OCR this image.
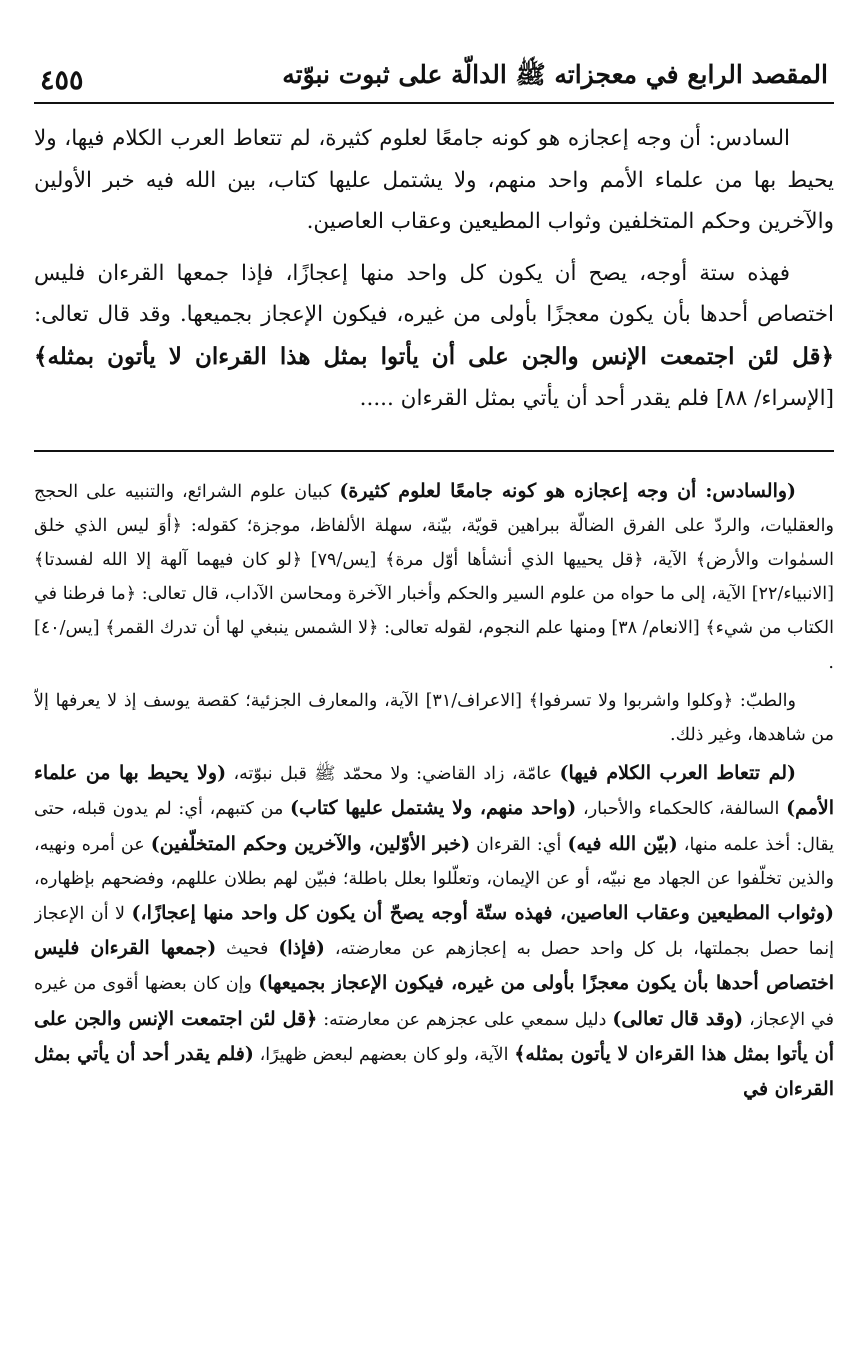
المقصد الرابع في معجزاته ﷺ الدالّة على ثبوت نبوّته
٤٥٥

السادس: أن وجه إعجازه هو كونه جامعًا لعلوم كثيرة، لم تتعاط العرب الكلام فيها، ولا يحيط بها من علماء الأمم واحد منهم، ولا يشتمل عليها كتاب، بين الله فيه خبر الأولين والآخرين وحكم المتخلفين وثواب المطيعين وعقاب العاصين.

فهذه ستة أوجه، يصح أن يكون كل واحد منها إعجازًا، فإذا جمعها القرءان فليس اختصاص أحدها بأن يكون معجزًا بأولى من غيره، فيكون الإعجاز بجميعها. وقد قال تعالى: ﴿قل لئن اجتمعت الإنس والجن على أن يأتوا بمثل هذا القرءان لا يأتون بمثله﴾ [الإسراء/ ٨٨] فلم يقدر أحد أن يأتي بمثل القرءان .....

(والسادس: أن وجه إعجازه هو كونه جامعًا لعلوم كثيرة) كبيان علوم الشرائع، والتنبيه على الحجج والعقليات، والردّ على الفرق الضالّة ببراهين قويّة، بيّنة، سهلة الألفاظ، موجزة؛ كقوله: ﴿أوَ ليس الذي خلق السمٰوات والأرض﴾ الآية، ﴿قل يحييها الذي أنشأها أوّل مرة﴾ [يس/٧٩] ﴿لو كان فيهما آلهة إلا الله لفسدتا﴾ [الانبياء/٢٢] الآية، إلى ما حواه من علوم السير والحكم وأخبار الآخرة ومحاسن الآداب، قال تعالى: ﴿ما فرطنا في الكتاب من شيء﴾ [الانعام/ ٣٨] ومنها علم النجوم، لقوله تعالى: ﴿لا الشمس ينبغي لها أن تدرك القمر﴾ [يس/٤٠] .

والطبّ: ﴿وكلوا واشربوا ولا تسرفوا﴾ [الاعراف/٣١] الآية، والمعارف الجزئية؛ كقصة يوسف إذ لا يعرفها إلاّ من شاهدها، وغير ذلك.

(لم تتعاط العرب الكلام فيها) عامّة، زاد القاضي: ولا محمّد ﷺ قبل نبوّته، (ولا يحيط بها من علماء الأمم) السالفة، كالحكماء والأحبار، (واحد منهم، ولا يشتمل عليها كتاب) من كتبهم، أي: لم يدون قبله، حتى يقال: أخذ علمه منها، (بيّن الله فيه) أي: القرءان (خبر الأوّلين، والآخرين وحكم المتخلّفين) عن أمره ونهيه، والذين تخلّفوا عن الجهاد مع نبيّه، أو عن الإيمان، وتعلّلوا بعلل باطلة؛ فبيّن لهم بطلان عللهم، وفضحهم بإظهاره، (وثواب المطيعين وعقاب العاصين، فهذه ستّة أوجه يصحّ أن يكون كل واحد منها إعجازًا،) لا أن الإعجاز إنما حصل بجملتها، بل كل واحد حصل به إعجازهم عن معارضته، (فإذا) فحيث (جمعها القرءان فليس اختصاص أحدها بأن يكون معجزًا بأولى من غيره، فيكون الإعجاز بجميعها) وإن كان بعضها أقوى من غيره في الإعجاز، (وقد قال تعالى) دليل سمعي على عجزهم عن معارضته: ﴿قل لئن اجتمعت الإنس والجن على أن يأتوا بمثل هذا القرءان لا يأتون بمثله﴾ الآية، ولو كان بعضهم لبعض ظهيرًا، (فلم يقدر أحد أن يأتي بمثل القرءان في
